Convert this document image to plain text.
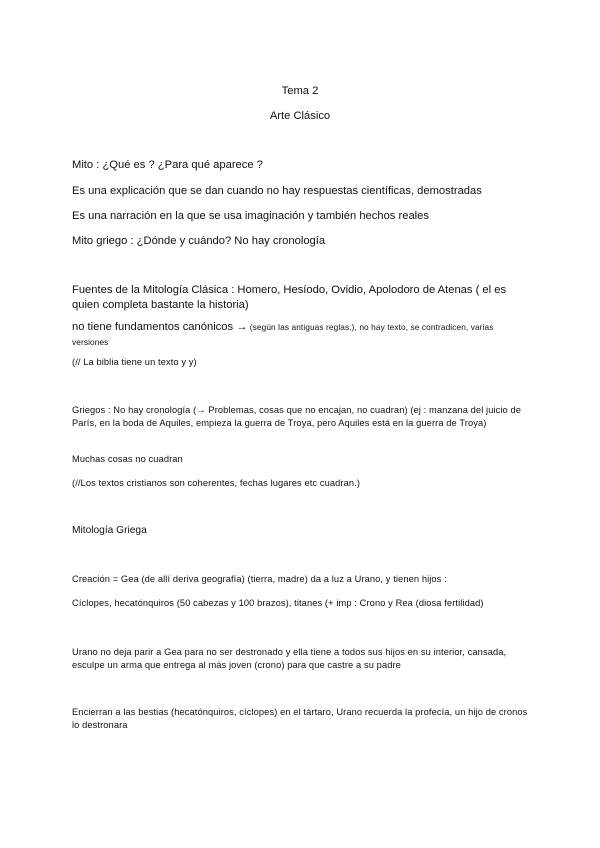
Tema 2

Arte Clásico

Mito : ¿Qué es ? ¿Para qué aparece ?

Es una explicación que se dan cuando no hay respuestas científicas, demostradas

Es una narración en la que se usa imaginación y también hechos reales

Mito griego : ¿Dónde y cuándo? No hay cronología

Fuentes de la Mitología Clásica : Homero, Hesíodo, Ovidio, Apolodoro de Atenas ( el es quien completa bastante la historia)

no tiene fundamentos canónicos → (según las antiguas reglas.), no hay texto, se contradicen, varias versiones

(// La biblia tiene un texto y y)

Griegos : No hay cronología (→ Problemas, cosas que no encajan, no cuadran) (ej : manzana del juicio de París, en la boda de Aquiles, empieza la guerra de Troya, pero Aquiles está en la guerra de Troya)

Muchas cosas no cuadran

(//Los textos cristianos son coherentes, fechas lugares etc cuadran.)

Mitología Griega

Creación = Gea (de allí deriva geografía) (tierra, madre) da a luz a Urano, y tienen hijos :

Cíclopes, hecatónquiros (50 cabezas y 100 brazos), titanes (+ imp : Crono y Rea (diosa fertilidad)

Urano no deja parir a Gea para no ser destronado y ella tiene a todos sus hijos en su interior, cansada, esculpe un arma que entrega al más joven (crono) para que castre a su padre

Encierran a las bestias (hecatónquiros, cíclopes) en el tártaro, Urano recuerda la profecía, un hijo de cronos lo destronara
